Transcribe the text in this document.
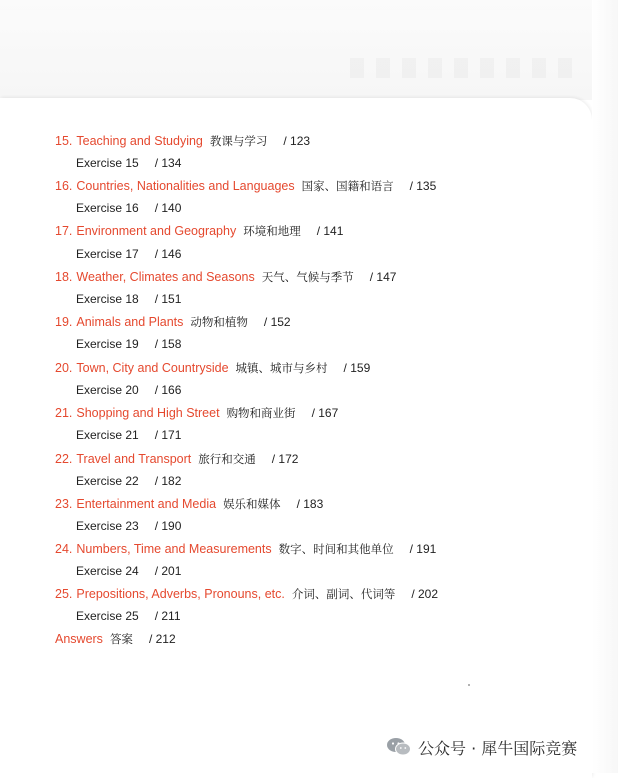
15. Teaching and Studying 教课与学习 / 123
Exercise 15 / 134
16. Countries, Nationalities and Languages 国家、国籍和语言 / 135
Exercise 16 / 140
17. Environment and Geography 环境和地理 / 141
Exercise 17 / 146
18. Weather, Climates and Seasons 天气、气候与季节 / 147
Exercise 18 / 151
19. Animals and Plants 动物和植物 / 152
Exercise 19 / 158
20. Town, City and Countryside 城镇、城市与乡村 / 159
Exercise 20 / 166
21. Shopping and High Street 购物和商业街 / 167
Exercise 21 / 171
22. Travel and Transport 旅行和交通 / 172
Exercise 22 / 182
23. Entertainment and Media 娱乐和媒体 / 183
Exercise 23 / 190
24. Numbers, Time and Measurements 数字、时间和其他单位 / 191
Exercise 24 / 201
25. Prepositions, Adverbs, Pronouns, etc. 介词、副词、代词等 / 202
Exercise 25 / 211
Answers 答案 / 212
公众号 · 犀牛国际竞赛
